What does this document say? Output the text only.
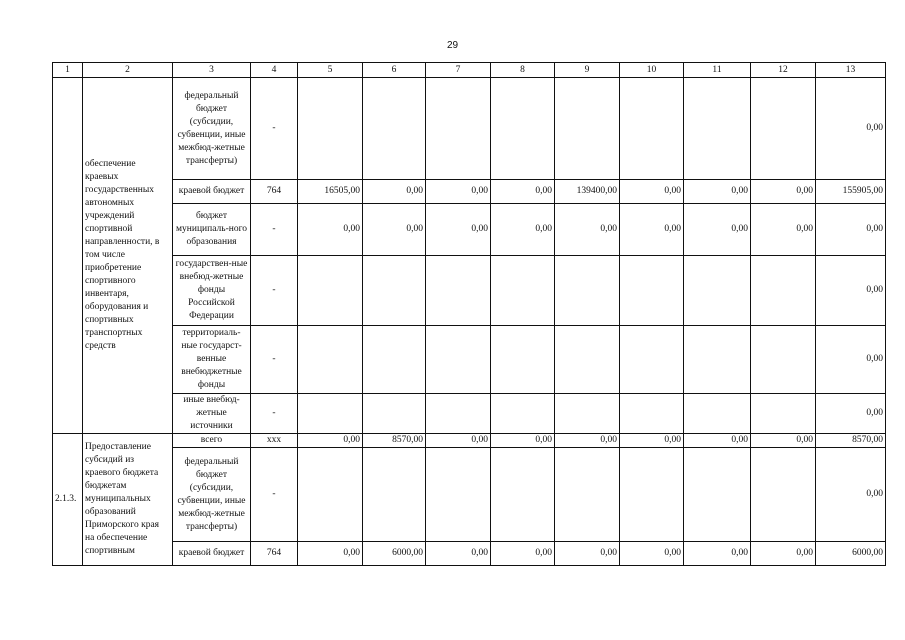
29
1	2	3	4	5	6	7	8	9	10	11	12	13
	обеспечение краевых государственных автономных учреждений спортивной направленности, в том числе приобретение спортивного инвентаря, оборудования и спортивных транспортных средств	федеральный бюджет (субсидии, субвенции, иные межбюд-жетные трансферты)	-									0,00
		краевой бюджет	764	16505,00	0,00	0,00	0,00	139400,00	0,00	0,00	0,00	155905,00
		бюджет муниципаль-ного образования	-	0,00	0,00	0,00	0,00	0,00	0,00	0,00	0,00	0,00
		государствен-ные внебюд-жетные фонды Российской Федерации	-									0,00
		территориаль-ные государст-венные внебюджетные фонды	-									0,00
		иные внебюд-жетные источники	-									0,00
2.1.3.	Предоставление субсидий из краевого бюджета бюджетам муниципальных образований Приморского края на обеспечение спортивным	всего	ххх	0,00	8570,00	0,00	0,00	0,00	0,00	0,00	0,00	8570,00
		федеральный бюджет (субсидии, субвенции, иные межбюд-жетные трансферты)	-									0,00
		краевой бюджет	764	0,00	6000,00	0,00	0,00	0,00	0,00	0,00	0,00	6000,00
